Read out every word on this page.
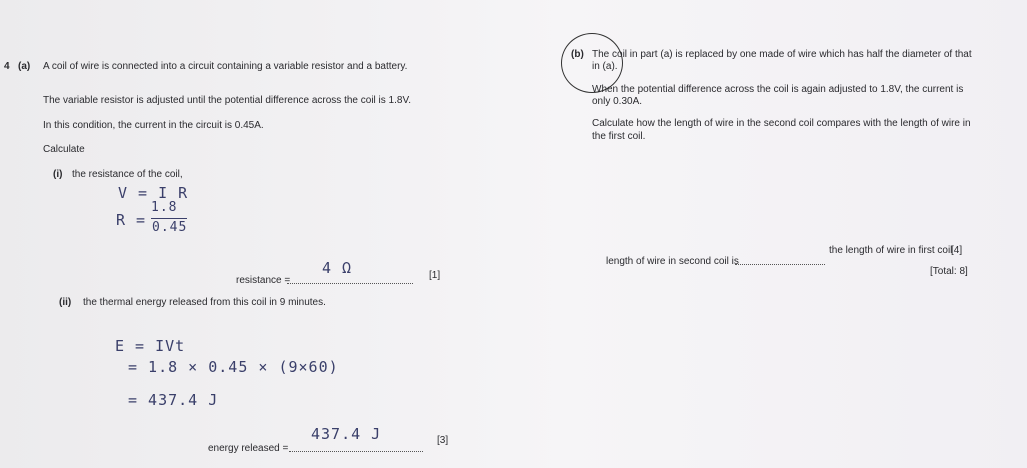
4 (a) A coil of wire is connected into a circuit containing a variable resistor and a battery.
The variable resistor is adjusted until the potential difference across the coil is 1.8V.
In this condition, the current in the circuit is 0.45A.
Calculate
(i) the resistance of the coil,
V = I R
R =
1.8
0.45
resistance =
4 Ω	[1]
(ii) the thermal energy released from this coil in 9 minutes.
E = IVt
= 1.8 × 0.45 × (9×60)
= 437.4 J
energy released =
437.4 J	[3]
(b) The coil in part (a) is replaced by one made of wire which has half the diameter of that
in (a).
When the potential difference across the coil is again adjusted to 1.8V, the current is
only 0.30A.
Calculate how the length of wire in the second coil compares with the length of wire in
the first coil.
length of wire in second coil is
the length of wire in first coil
[4]
[Total: 8]
